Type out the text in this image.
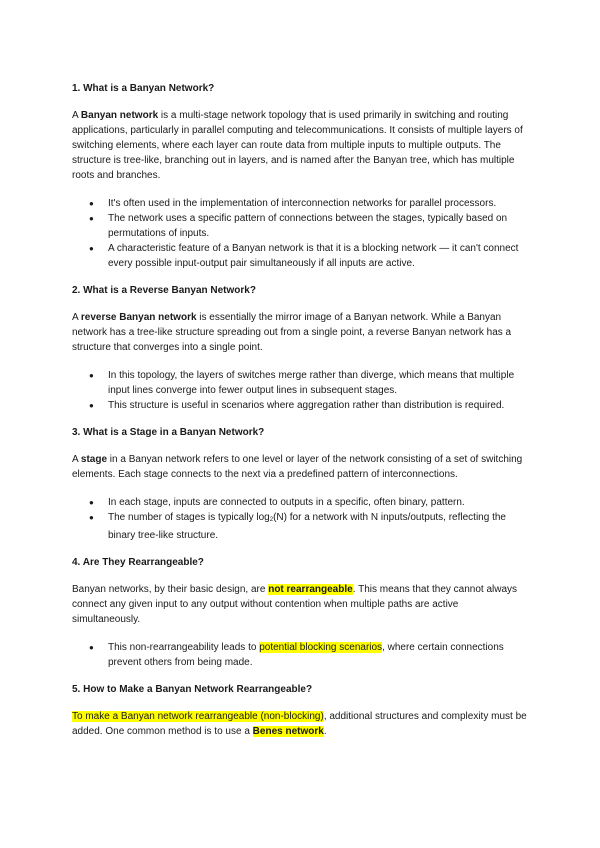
1. What is a Banyan Network?

A Banyan network is a multi-stage network topology that is used primarily in switching and routing applications, particularly in parallel computing and telecommunications. It consists of multiple layers of switching elements, where each layer can route data from multiple inputs to multiple outputs. The structure is tree-like, branching out in layers, and is named after the Banyan tree, which has multiple roots and branches.

● It's often used in the implementation of interconnection networks for parallel processors.
● The network uses a specific pattern of connections between the stages, typically based on permutations of inputs.
● A characteristic feature of a Banyan network is that it is a blocking network — it can't connect every possible input-output pair simultaneously if all inputs are active.
2. What is a Reverse Banyan Network?

A reverse Banyan network is essentially the mirror image of a Banyan network. While a Banyan network has a tree-like structure spreading out from a single point, a reverse Banyan network has a structure that converges into a single point.

● In this topology, the layers of switches merge rather than diverge, which means that multiple input lines converge into fewer output lines in subsequent stages.
● This structure is useful in scenarios where aggregation rather than distribution is required.
3. What is a Stage in a Banyan Network?

A stage in a Banyan network refers to one level or layer of the network consisting of a set of switching elements. Each stage connects to the next via a predefined pattern of interconnections.

● In each stage, inputs are connected to outputs in a specific, often binary, pattern.
● The number of stages is typically $\log_2(N)$ for a network with N inputs/outputs, reflecting the binary tree-like structure.
4. Are They Rearrangeable?

Banyan networks, by their basic design, are not rearrangeable. This means that they cannot always connect any given input to any output without contention when multiple paths are active simultaneously.

● This non-rearrangeability leads to potential blocking scenarios, where certain connections prevent others from being made.
5. How to Make a Banyan Network Rearrangeable?

To make a Banyan network rearrangeable (non-blocking), additional structures and complexity must be added. One common method is to use a Benes network.
